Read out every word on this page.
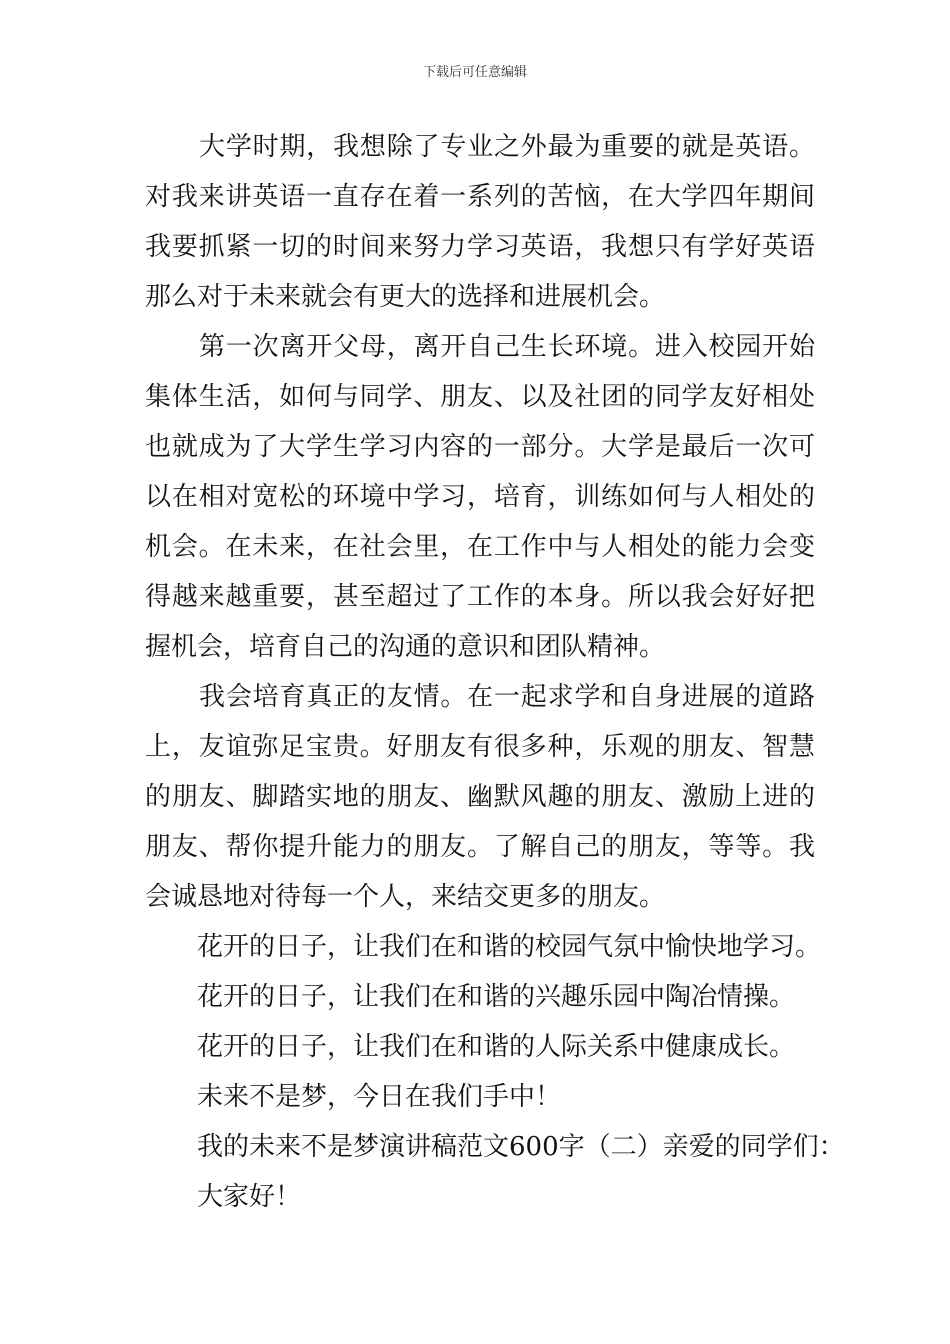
下载后可任意编辑

大学时期，我想除了专业之外最为重要的就是英语。对我来讲英语一直存在着一系列的苦恼，在大学四年期间我要抓紧一切的时间来努力学习英语，我想只有学好英语那么对于未来就会有更大的选择和进展机会。

第一次离开父母，离开自己生长环境。进入校园开始集体生活，如何与同学、朋友、以及社团的同学友好相处也就成为了大学生学习内容的一部分。大学是最后一次可以在相对宽松的环境中学习，培育，训练如何与人相处的机会。在未来，在社会里，在工作中与人相处的能力会变得越来越重要，甚至超过了工作的本身。所以我会好好把握机会，培育自己的沟通的意识和团队精神。

我会培育真正的友情。在一起求学和自身进展的道路上，友谊弥足宝贵。好朋友有很多种，乐观的朋友、智慧的朋友、脚踏实地的朋友、幽默风趣的朋友、激励上进的朋友、帮你提升能力的朋友。了解自己的朋友，等等。我会诚恳地对待每一个人，来结交更多的朋友。

花开的日子，让我们在和谐的校园气氛中愉快地学习。

花开的日子，让我们在和谐的兴趣乐园中陶冶情操。

花开的日子，让我们在和谐的人际关系中健康成长。

未来不是梦，今日在我们手中！

我的未来不是梦演讲稿范文600字（二）亲爱的同学们：

大家好！
